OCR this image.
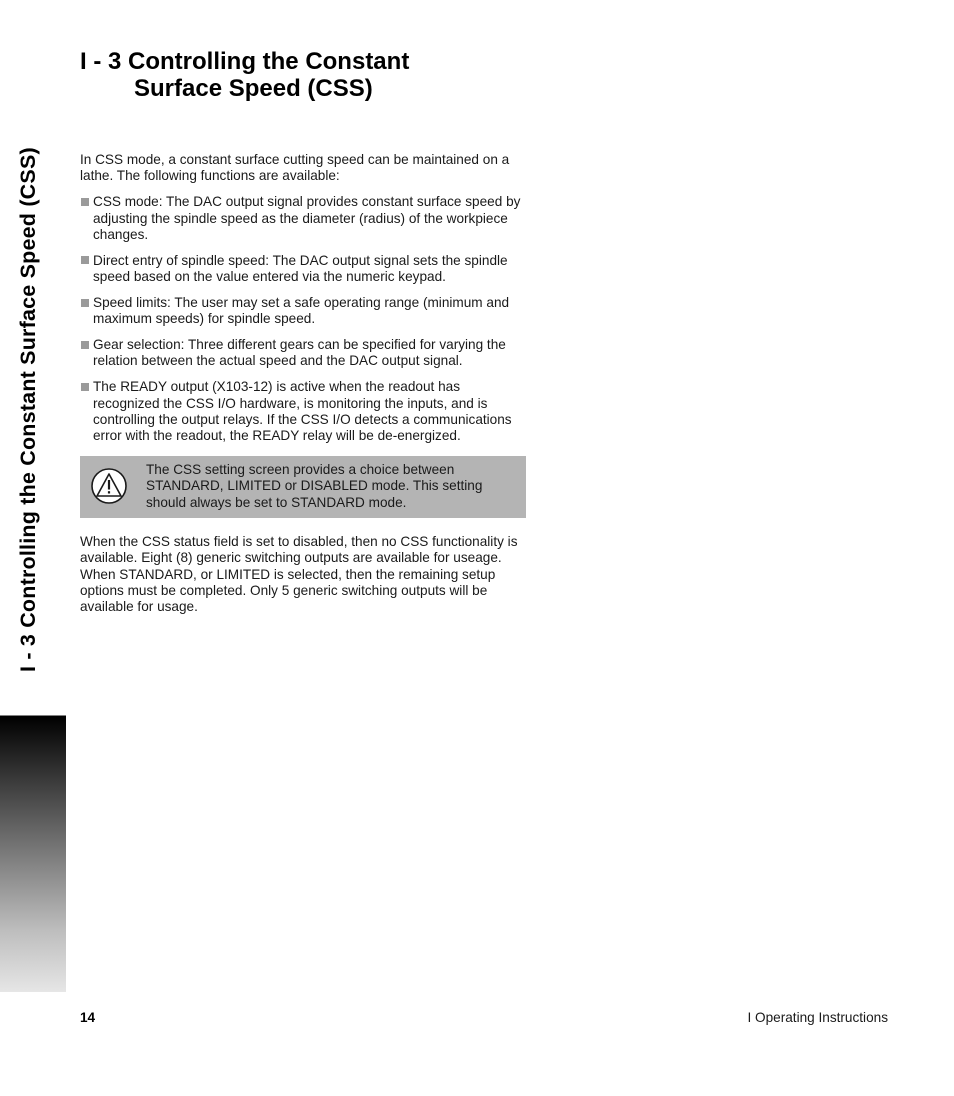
I - 3 Controlling the Constant Surface Speed (CSS)
I - 3 Controlling the Constant
Surface Speed (CSS)

In CSS mode, a constant surface cutting speed can be maintained on a lathe. The following functions are available:

CSS mode: The DAC output signal provides constant surface speed by adjusting the spindle speed as the diameter (radius) of the workpiece changes.
Direct entry of spindle speed: The DAC output signal sets the spindle speed based on the value entered via the numeric keypad.
Speed limits: The user may set a safe operating range (minimum and maximum speeds) for spindle speed.
Gear selection: Three different gears can be specified for varying the relation between the actual speed and the DAC output signal.
The READY output (X103-12) is active when the readout has recognized the CSS I/O hardware, is monitoring the inputs, and is controlling the output relays. If the CSS I/O detects a communications error with the readout, the READY relay will be de-energized.

The CSS setting screen provides a choice between STANDARD, LIMITED or DISABLED mode. This setting should always be set to STANDARD mode.

When the CSS status field is set to disabled, then no CSS functionality is available. Eight (8) generic switching outputs are available for useage. When STANDARD, or LIMITED is selected, then the remaining setup options must be completed. Only 5 generic switching outputs will be available for usage.

14	I Operating Instructions
